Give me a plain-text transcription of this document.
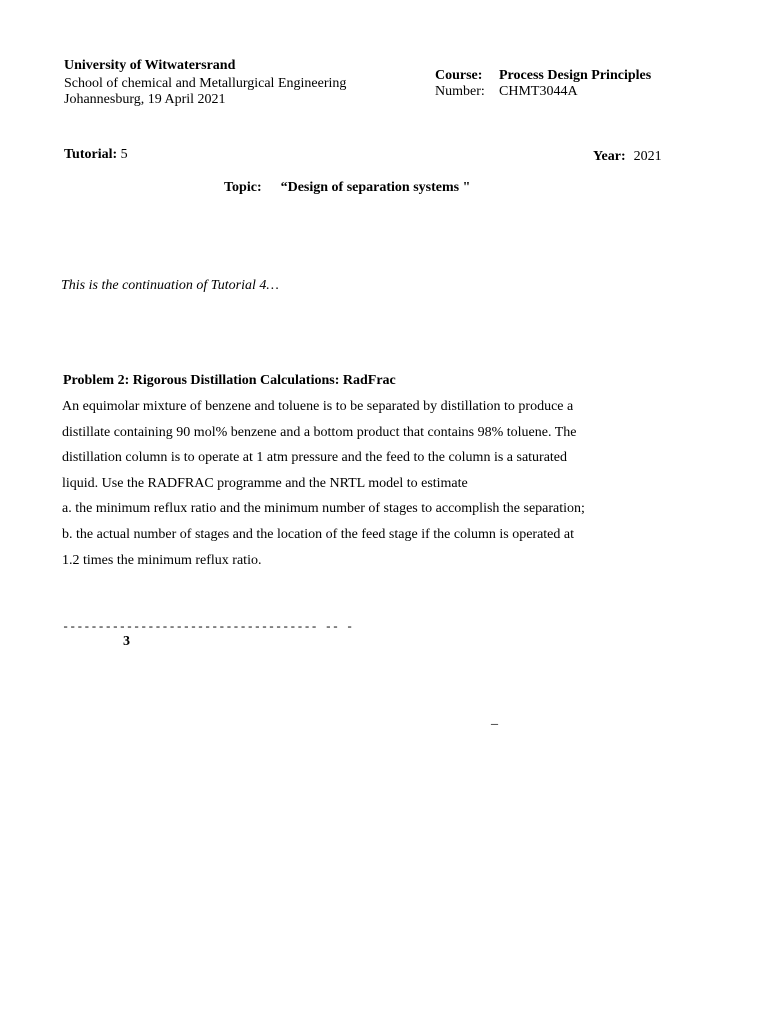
University of Witwatersrand
School of chemical and Metallurgical Engineering
Johannesburg, 19 April 2021
Course:	Process Design Principles
Number:	CHMT3044A
Tutorial: 5	Year: 2021
Topic: “Design of separation systems "
This is the continuation of Tutorial 4…
Problem 2: Rigorous Distillation Calculations: RadFrac
An equimolar mixture of benzene and toluene is to be separated by distillation to produce a
distillate containing 90 mol% benzene and a bottom product that contains 98% toluene. The
distillation column is to operate at 1 atm pressure and the feed to the column is a saturated
liquid. Use the RADFRAC programme and the NRTL model to estimate
a. the minimum reflux ratio and the minimum number of stages to accomplish the separation;
b. the actual number of stages and the location of the feed stage if the column is operated at
1.2 times the minimum reflux ratio.
------------------------------------ -- -
3
_
